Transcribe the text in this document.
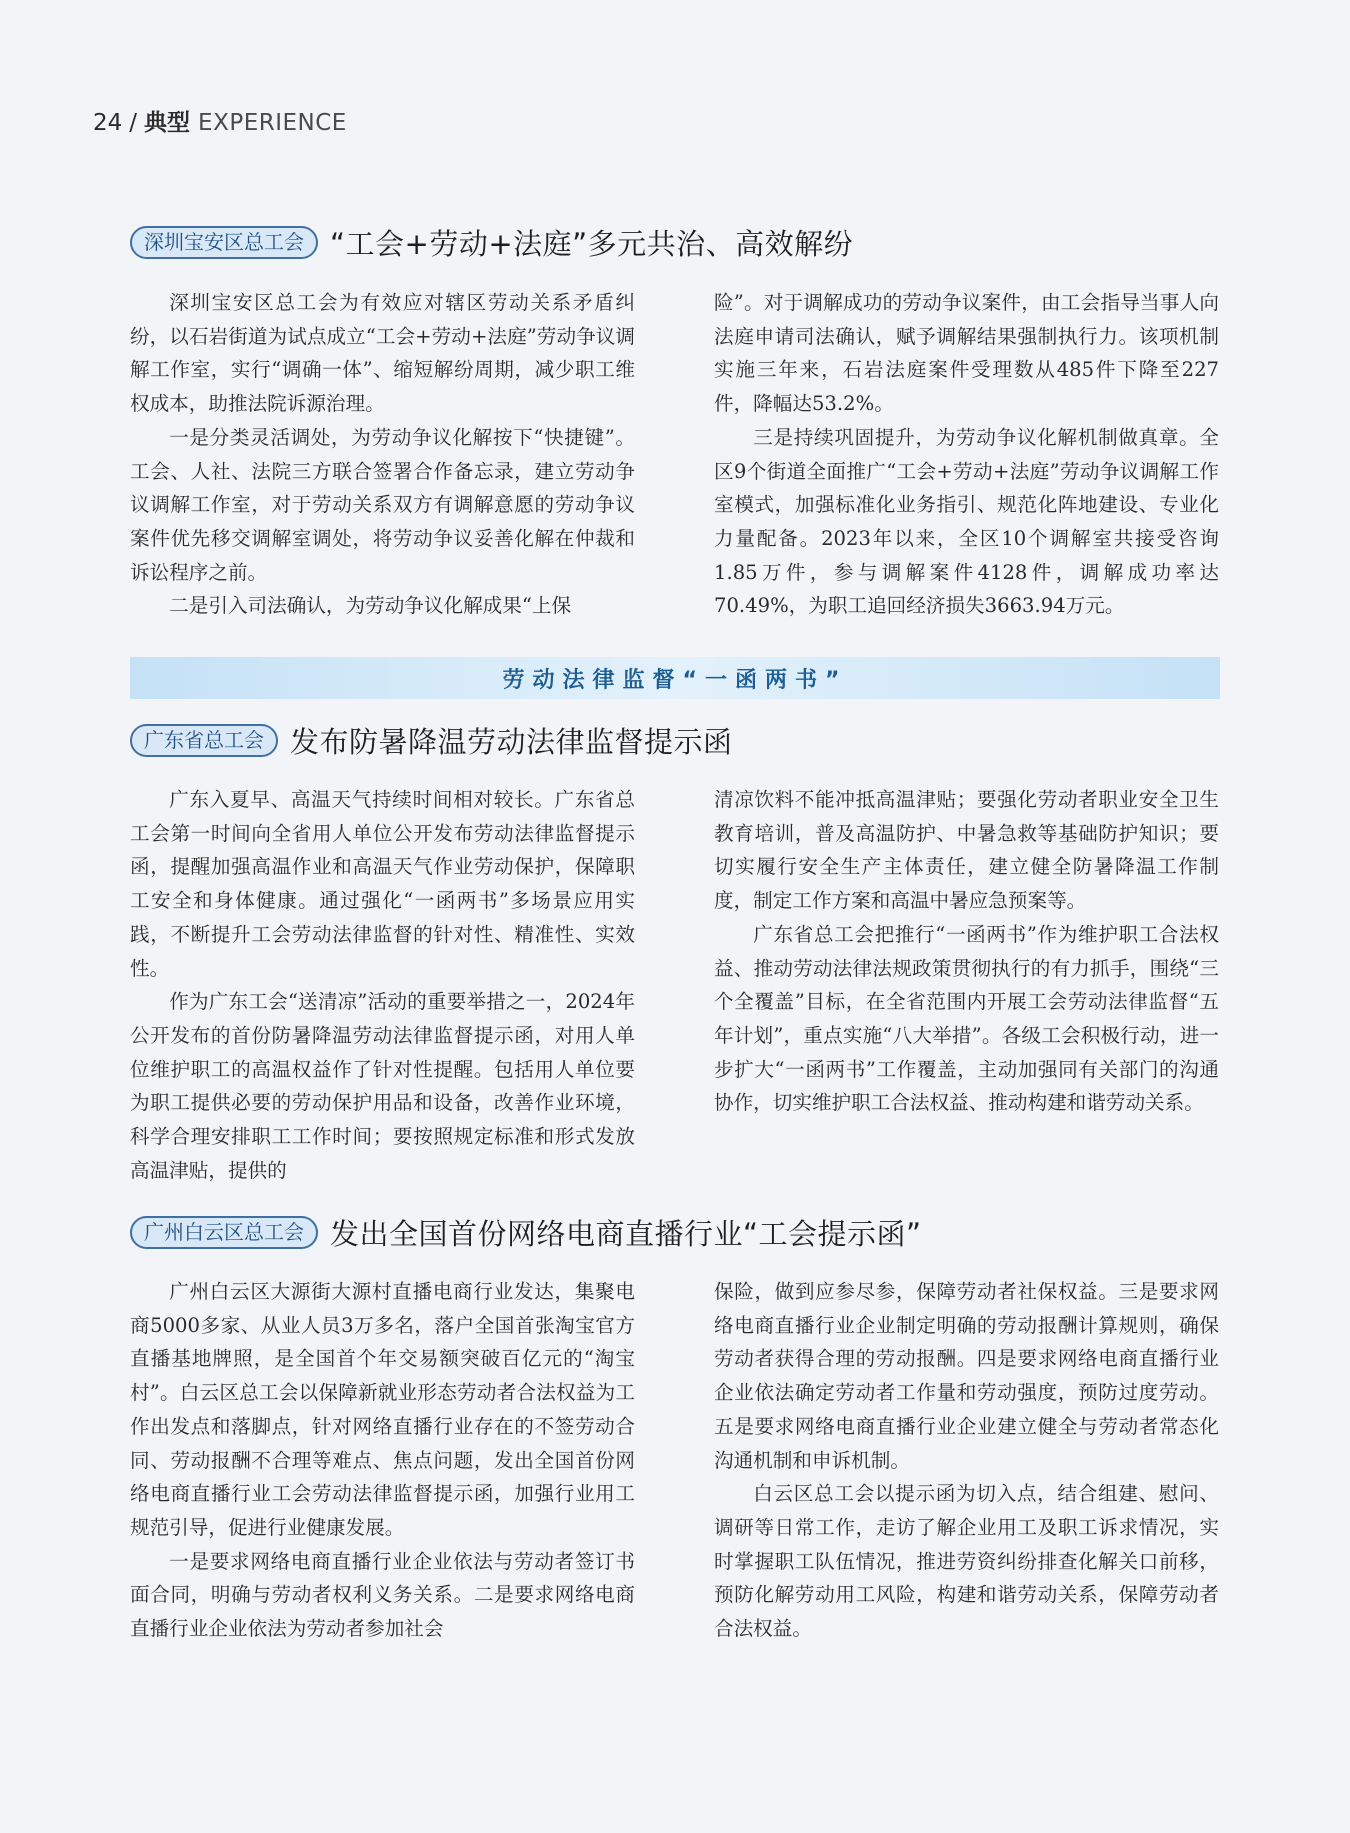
24 / 典型 EXPERIENCE
深圳宝安区总工会 “工会+劳动+法庭”多元共治、高效解纷

深圳宝安区总工会为有效应对辖区劳动关系矛盾纠纷，以石岩街道为试点成立“工会+劳动+法庭”劳动争议调解工作室，实行“调确一体”、缩短解纷周期，减少职工维权成本，助推法院诉源治理。

一是分类灵活调处，为劳动争议化解按下“快捷键”。工会、人社、法院三方联合签署合作备忘录，建立劳动争议调解工作室，对于劳动关系双方有调解意愿的劳动争议案件优先移交调解室调处，将劳动争议妥善化解在仲裁和诉讼程序之前。

二是引入司法确认，为劳动争议化解成果“上保

险”。对于调解成功的劳动争议案件，由工会指导当事人向法庭申请司法确认，赋予调解结果强制执行力。该项机制实施三年来，石岩法庭案件受理数从485件下降至227件，降幅达53.2%。

三是持续巩固提升，为劳动争议化解机制做真章。全区9个街道全面推广“工会+劳动+法庭”劳动争议调解工作室模式，加强标准化业务指引、规范化阵地建设、专业化力量配备。2023年以来，全区10个调解室共接受咨询1.85万件，参与调解案件4128件，调解成功率达70.49%，为职工追回经济损失3663.94万元。

劳动法律监督“一函两书”
广东省总工会 发布防暑降温劳动法律监督提示函

广东入夏早、高温天气持续时间相对较长。广东省总工会第一时间向全省用人单位公开发布劳动法律监督提示函，提醒加强高温作业和高温天气作业劳动保护，保障职工安全和身体健康。通过强化“一函两书”多场景应用实践，不断提升工会劳动法律监督的针对性、精准性、实效性。

作为广东工会“送清凉”活动的重要举措之一，2024年公开发布的首份防暑降温劳动法律监督提示函，对用人单位维护职工的高温权益作了针对性提醒。包括用人单位要为职工提供必要的劳动保护用品和设备，改善作业环境，科学合理安排职工工作时间；要按照规定标准和形式发放高温津贴，提供的

清凉饮料不能冲抵高温津贴；要强化劳动者职业安全卫生教育培训，普及高温防护、中暑急救等基础防护知识；要切实履行安全生产主体责任，建立健全防暑降温工作制度，制定工作方案和高温中暑应急预案等。

广东省总工会把推行“一函两书”作为维护职工合法权益、推动劳动法律法规政策贯彻执行的有力抓手，围绕“三个全覆盖”目标，在全省范围内开展工会劳动法律监督“五年计划”，重点实施“八大举措”。各级工会积极行动，进一步扩大“一函两书”工作覆盖，主动加强同有关部门的沟通协作，切实维护职工合法权益、推动构建和谐劳动关系。

广州白云区总工会 发出全国首份网络电商直播行业“工会提示函”

广州白云区大源街大源村直播电商行业发达，集聚电商5000多家、从业人员3万多名，落户全国首张淘宝官方直播基地牌照，是全国首个年交易额突破百亿元的“淘宝村”。白云区总工会以保障新就业形态劳动者合法权益为工作出发点和落脚点，针对网络直播行业存在的不签劳动合同、劳动报酬不合理等难点、焦点问题，发出全国首份网络电商直播行业工会劳动法律监督提示函，加强行业用工规范引导，促进行业健康发展。

一是要求网络电商直播行业企业依法与劳动者签订书面合同，明确与劳动者权利义务关系。二是要求网络电商直播行业企业依法为劳动者参加社会

保险，做到应参尽参，保障劳动者社保权益。三是要求网络电商直播行业企业制定明确的劳动报酬计算规则，确保劳动者获得合理的劳动报酬。四是要求网络电商直播行业企业依法确定劳动者工作量和劳动强度，预防过度劳动。五是要求网络电商直播行业企业建立健全与劳动者常态化沟通机制和申诉机制。

白云区总工会以提示函为切入点，结合组建、慰问、调研等日常工作，走访了解企业用工及职工诉求情况，实时掌握职工队伍情况，推进劳资纠纷排查化解关口前移，预防化解劳动用工风险，构建和谐劳动关系，保障劳动者合法权益。
